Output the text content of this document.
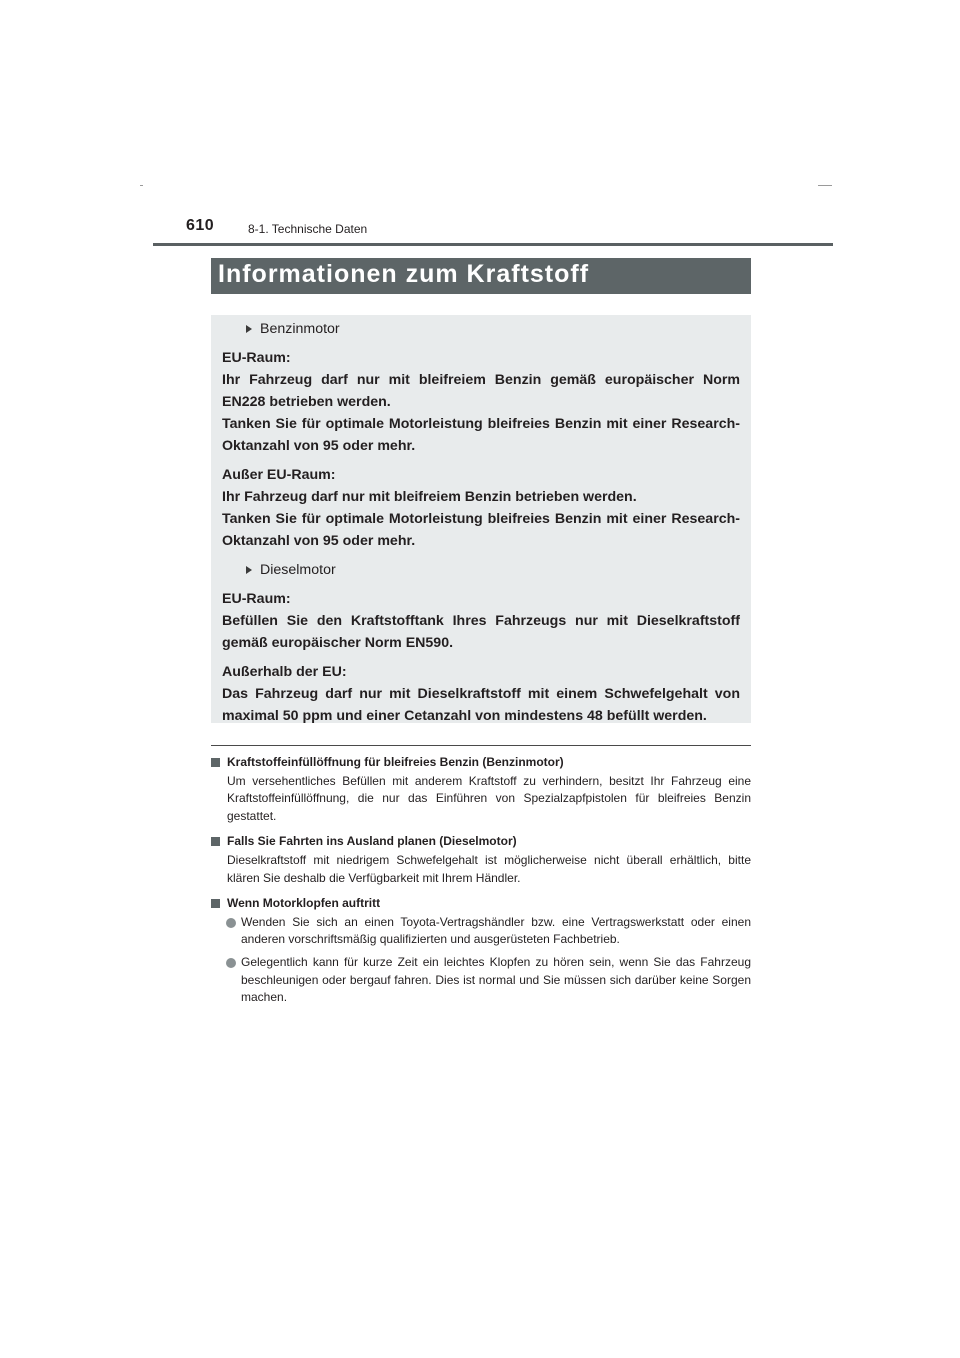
610	8-1. Technische Daten
Informationen zum Kraftstoff
Benzinmotor
EU-Raum:
Ihr Fahrzeug darf nur mit bleifreiem Benzin gemäß europäischer Norm EN228 betrieben werden.
Tanken Sie für optimale Motorleistung bleifreies Benzin mit einer Research-Oktanzahl von 95 oder mehr.
Außer EU-Raum:
Ihr Fahrzeug darf nur mit bleifreiem Benzin betrieben werden.
Tanken Sie für optimale Motorleistung bleifreies Benzin mit einer Research-Oktanzahl von 95 oder mehr.
Dieselmotor
EU-Raum:
Befüllen Sie den Kraftstofftank Ihres Fahrzeugs nur mit Dieselkraftstoff gemäß europäischer Norm EN590.
Außerhalb der EU:
Das Fahrzeug darf nur mit Dieselkraftstoff mit einem Schwefelgehalt von maximal 50 ppm und einer Cetanzahl von mindestens 48 befüllt werden.
Kraftstoffeinfüllöffnung für bleifreies Benzin (Benzinmotor)
Um versehentliches Befüllen mit anderem Kraftstoff zu verhindern, besitzt Ihr Fahrzeug eine Kraftstoffeinfüllöffnung, die nur das Einführen von Spezialzapfpistolen für bleifreies Benzin gestattet.
Falls Sie Fahrten ins Ausland planen (Dieselmotor)
Dieselkraftstoff mit niedrigem Schwefelgehalt ist möglicherweise nicht überall erhältlich, bitte klären Sie deshalb die Verfügbarkeit mit Ihrem Händler.
Wenn Motorklopfen auftritt
Wenden Sie sich an einen Toyota-Vertragshändler bzw. eine Vertragswerkstatt oder einen anderen vorschriftsmäßig qualifizierten und ausgerüsteten Fachbetrieb.
Gelegentlich kann für kurze Zeit ein leichtes Klopfen zu hören sein, wenn Sie das Fahrzeug beschleunigen oder bergauf fahren. Dies ist normal und Sie müssen sich darüber keine Sorgen machen.
